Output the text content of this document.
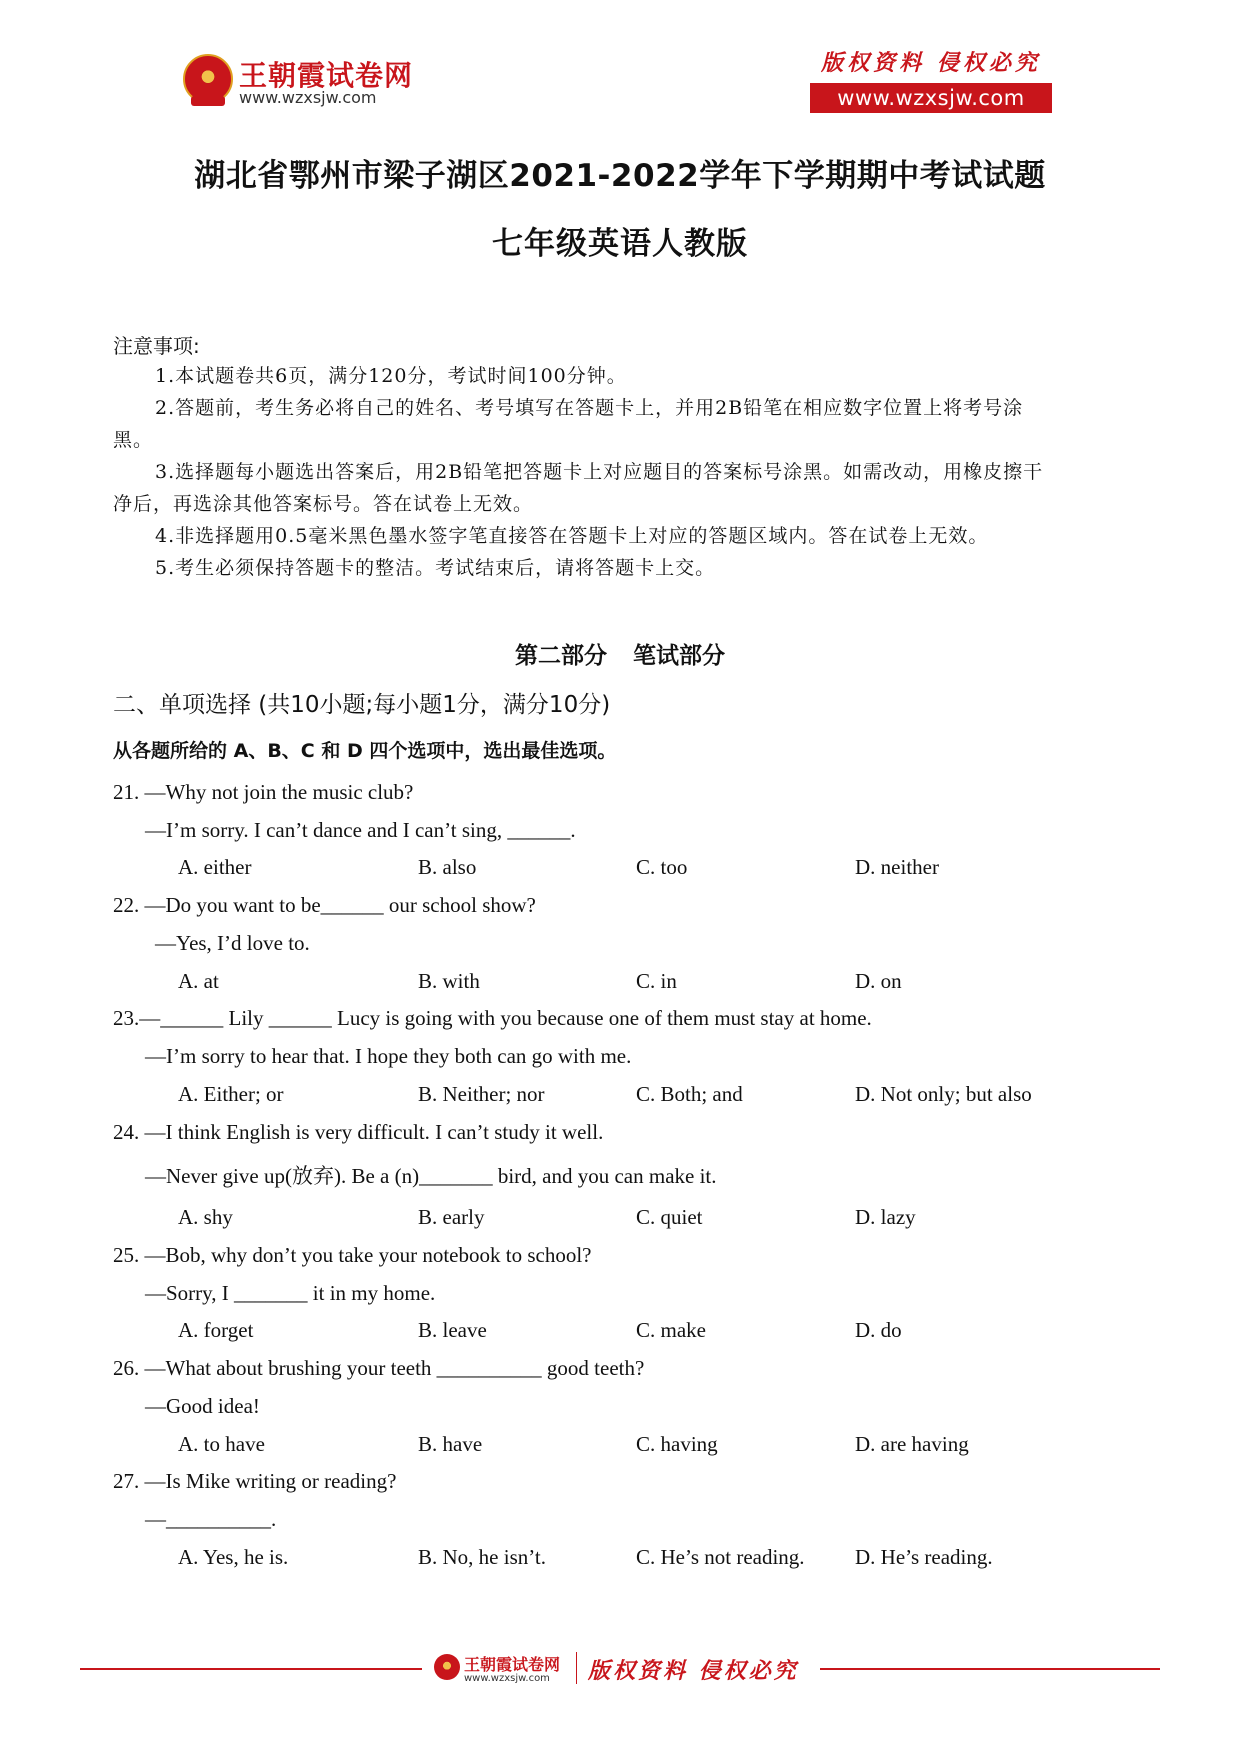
王朝霞试卷网
www.wzxsjw.com
版权资料 侵权必究
www.wzxsjw.com
湖北省鄂州市梁子湖区2021-2022学年下学期期中考试试题
七年级英语人教版
注意事项:
1.本试题卷共6页，满分120分，考试时间100分钟。
2.答题前，考生务必将自己的姓名、考号填写在答题卡上，并用2B铅笔在相应数字位置上将考号涂
黑。
3.选择题每小题选出答案后，用2B铅笔把答题卡上对应题目的答案标号涂黑。如需改动，用橡皮擦干
净后，再选涂其他答案标号。答在试卷上无效。
4.非选择题用0.5毫米黑色墨水签字笔直接答在答题卡上对应的答题区域内。答在试卷上无效。
5.考生必须保持答题卡的整洁。考试结束后，请将答题卡上交。
第二部分 笔试部分
二、单项选择 (共10小题;每小题1分，满分10分)
从各题所给的 A、B、C 和 D 四个选项中，选出最佳选项。
21. —Why not join the music club?
—I’m sorry. I can’t dance and I can’t sing, ______.
A. either	B. also	C. too	D. neither
22. —Do you want to be______ our school show?
—Yes, I’d love to.
A. at	B. with	C. in	D. on
23.—______ Lily ______ Lucy is going with you because one of them must stay at home.
—I’m sorry to hear that. I hope they both can go with me.
A. Either; or	B. Neither; nor	C. Both; and	D. Not only; but also
24. —I think English is very difficult. I can’t study it well.
—Never give up(放弃). Be a (n)_______ bird, and you can make it.
A. shy	B. early	C. quiet	D. lazy
25. —Bob, why don’t you take your notebook to school?
—Sorry, I _______ it in my home.
A. forget	B. leave	C. make	D. do
26. —What about brushing your teeth __________ good teeth?
—Good idea!
A. to have	B. have	C. having	D. are having
27. —Is Mike writing or reading?
—__________.
A. Yes, he is.	B. No, he isn’t.	C. He’s not reading. D. He’s reading.
王朝霞试卷网
www.wzxsjw.com 版权资料 侵权必究
